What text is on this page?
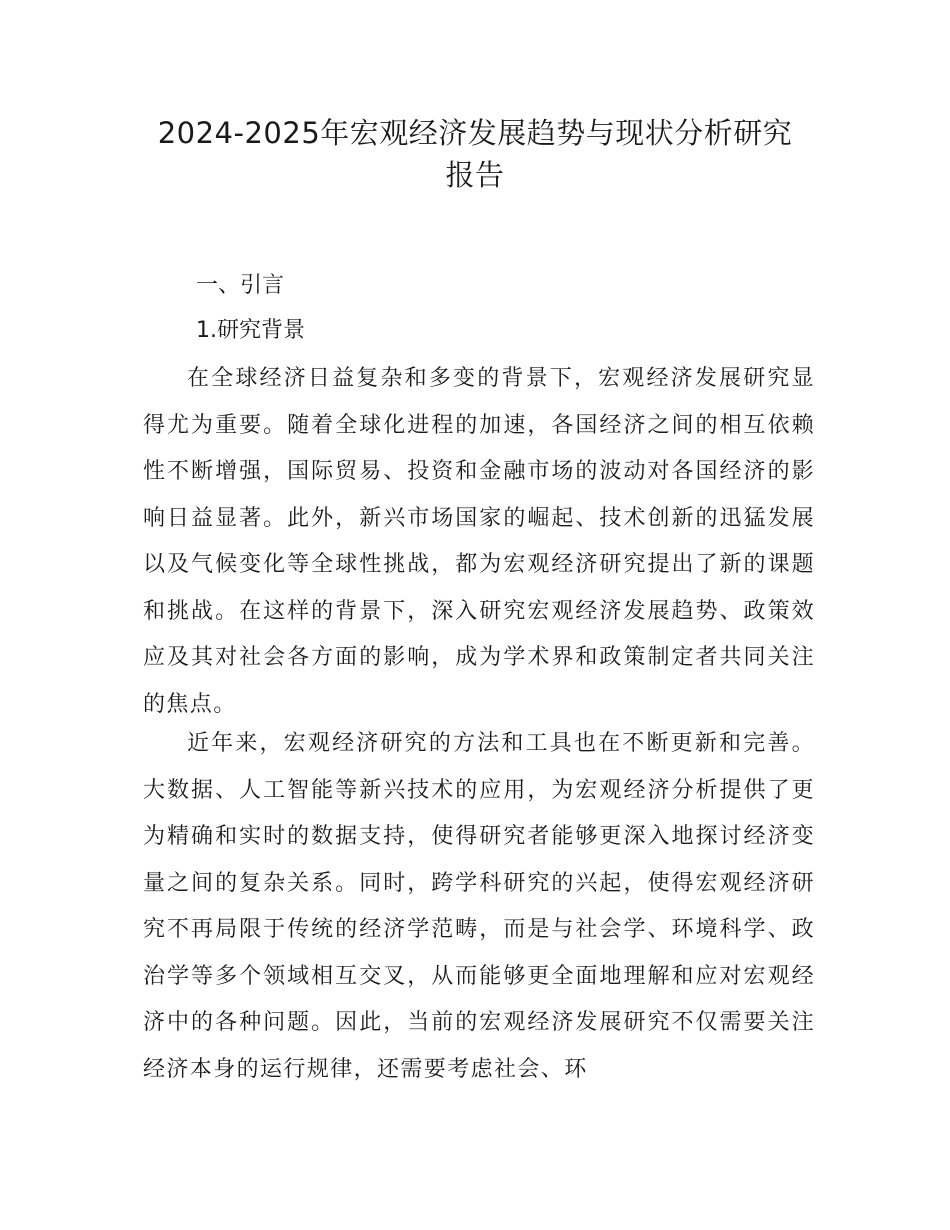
2024-2025年宏观经济发展趋势与现状分析研究
报告
一、引言
1.研究背景

在全球经济日益复杂和多变的背景下，宏观经济发展研究显得尤为重要。随着全球化进程的加速，各国经济之间的相互依赖性不断增强，国际贸易、投资和金融市场的波动对各国经济的影响日益显著。此外，新兴市场国家的崛起、技术创新的迅猛发展以及气候变化等全球性挑战，都为宏观经济研究提出了新的课题和挑战。在这样的背景下，深入研究宏观经济发展趋势、政策效应及其对社会各方面的影响，成为学术界和政策制定者共同关注的焦点。

近年来，宏观经济研究的方法和工具也在不断更新和完善。大数据、人工智能等新兴技术的应用，为宏观经济分析提供了更为精确和实时的数据支持，使得研究者能够更深入地探讨经济变量之间的复杂关系。同时，跨学科研究的兴起，使得宏观经济研究不再局限于传统的经济学范畴，而是与社会学、环境科学、政治学等多个领域相互交叉，从而能够更全面地理解和应对宏观经济中的各种问题。因此，当前的宏观经济发展研究不仅需要关注经济本身的运行规律，还需要考虑社会、环
